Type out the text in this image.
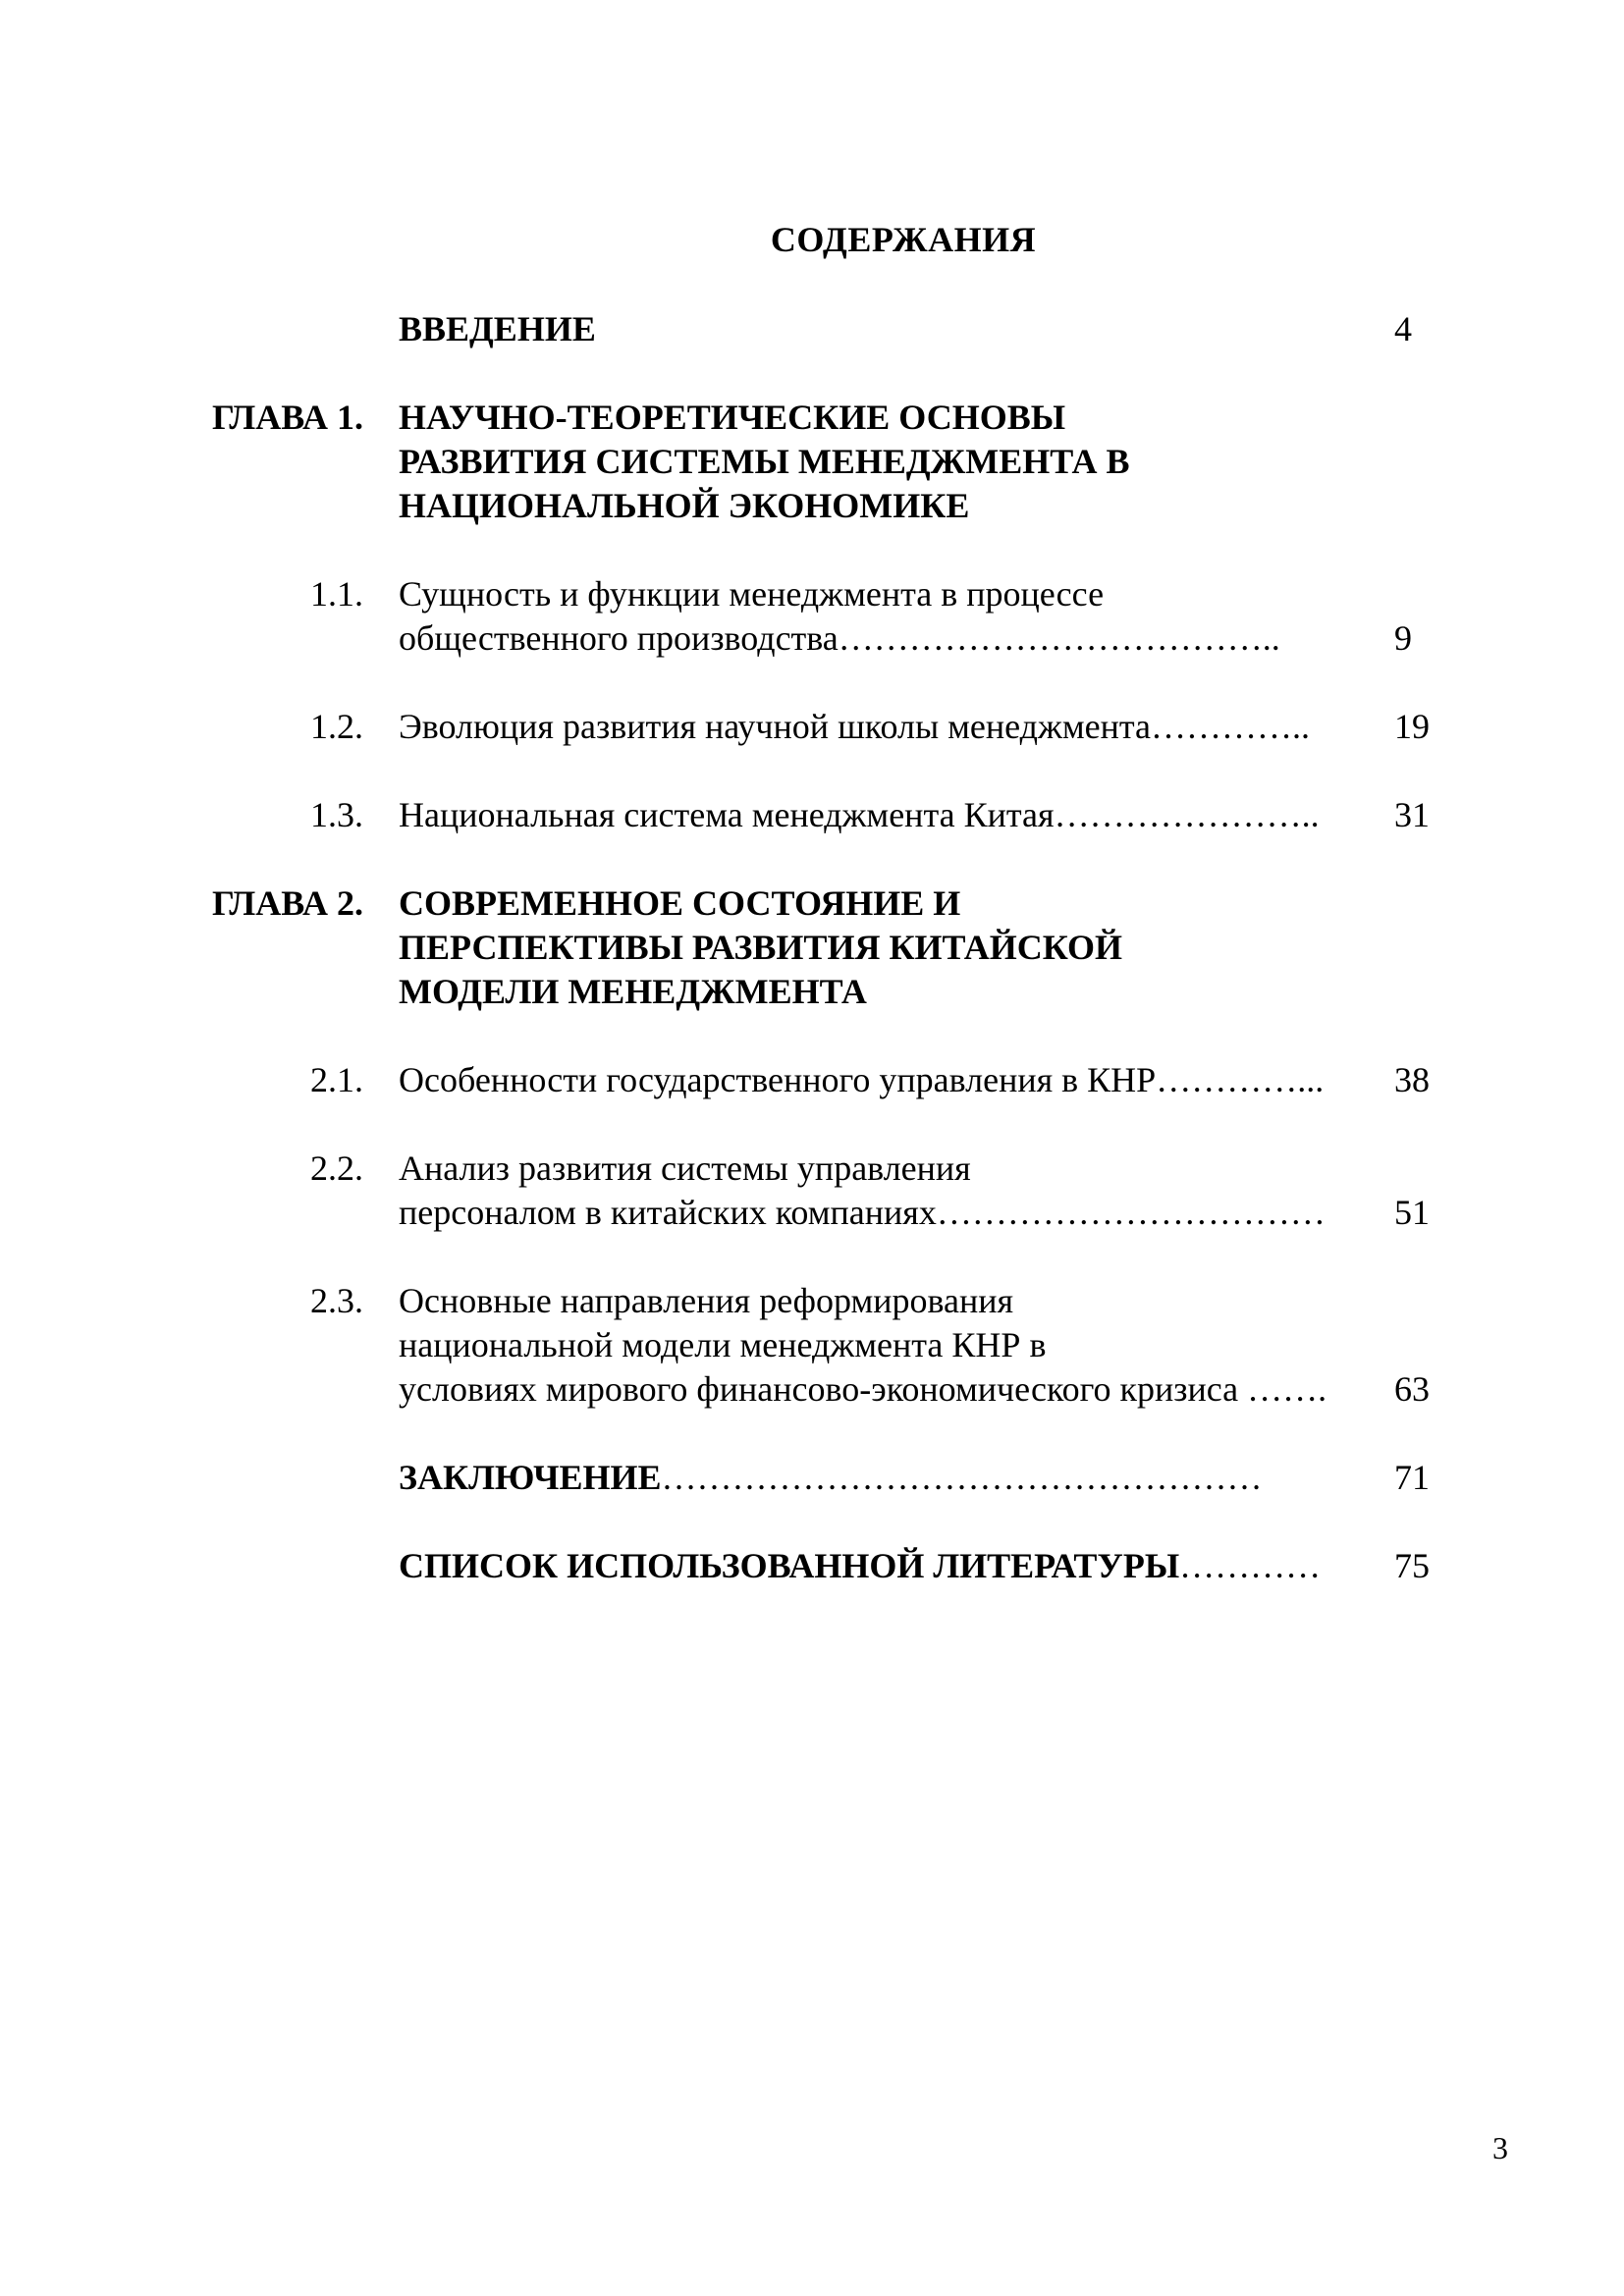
СОДЕРЖАНИЯ
ВВЕДЕНИЕ	4
ГЛАВА 1. НАУЧНО-ТЕОРЕТИЧЕСКИЕ ОСНОВЫ
РАЗВИТИЯ СИСТЕМЫ МЕНЕДЖМЕНТА В
НАЦИОНАЛЬНОЙ ЭКОНОМИКЕ
1.1. Сущность и функции менеджмента в процессе
общественного производства………………………………..	9
1.2. Эволюция развития научной школы менеджмента…………..	19
1.3. Национальная система менеджмента Китая…………………..	31
ГЛАВА 2. СОВРЕМЕННОЕ СОСТОЯНИЕ И
ПЕРСПЕКТИВЫ РАЗВИТИЯ КИТАЙСКОЙ
МОДЕЛИ МЕНЕДЖМЕНТА
2.1. Особенности государственного управления в КНР…………...	38
2.2. Анализ развития системы управления
персоналом в китайских компаниях……………………………	51
2.3. Основные направления реформирования
национальной модели менеджмента КНР в
условиях мирового финансово-экономического кризиса …….	63
ЗАКЛЮЧЕНИЕ……………………………………………	71
СПИСОК ИСПОЛЬЗОВАННОЙ ЛИТЕРАТУРЫ…………	75
3
